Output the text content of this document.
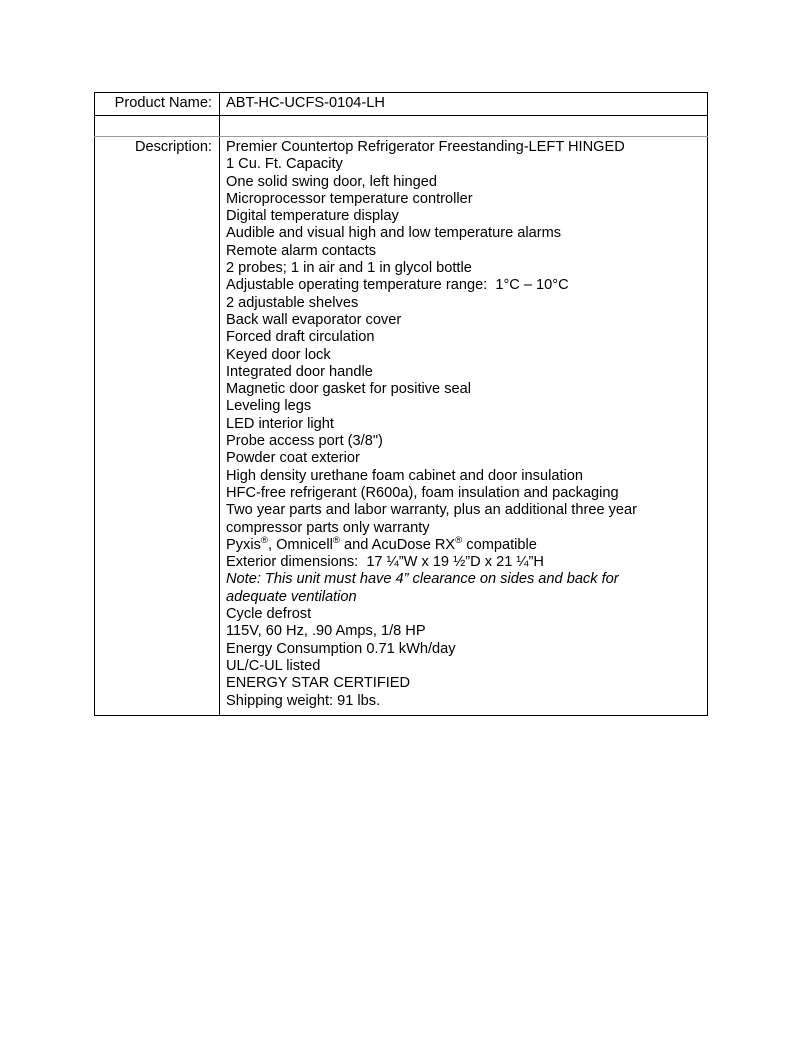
Product Name:	ABT-HC-UCFS-0104-LH

Description:	Premier Countertop Refrigerator Freestanding-LEFT HINGED
1 Cu. Ft. Capacity
One solid swing door, left hinged
Microprocessor temperature controller
Digital temperature display
Audible and visual high and low temperature alarms
Remote alarm contacts
2 probes; 1 in air and 1 in glycol bottle
Adjustable operating temperature range:  1°C – 10°C
2 adjustable shelves
Back wall evaporator cover
Forced draft circulation
Keyed door lock
Integrated door handle
Magnetic door gasket for positive seal
Leveling legs
LED interior light
Probe access port (3/8")
Powder coat exterior
High density urethane foam cabinet and door insulation
HFC-free refrigerant (R600a), foam insulation and packaging
Two year parts and labor warranty, plus an additional three year
compressor parts only warranty
Pyxis®, Omnicell® and AcuDose RX® compatible
Exterior dimensions:  17 ¼”W x 19 ½”D x 21 ¼”H
Note: This unit must have 4” clearance on sides and back for
adequate ventilation
Cycle defrost
115V, 60 Hz, .90 Amps, 1/8 HP
Energy Consumption 0.71 kWh/day
UL/C-UL listed
ENERGY STAR CERTIFIED
Shipping weight: 91 lbs.
